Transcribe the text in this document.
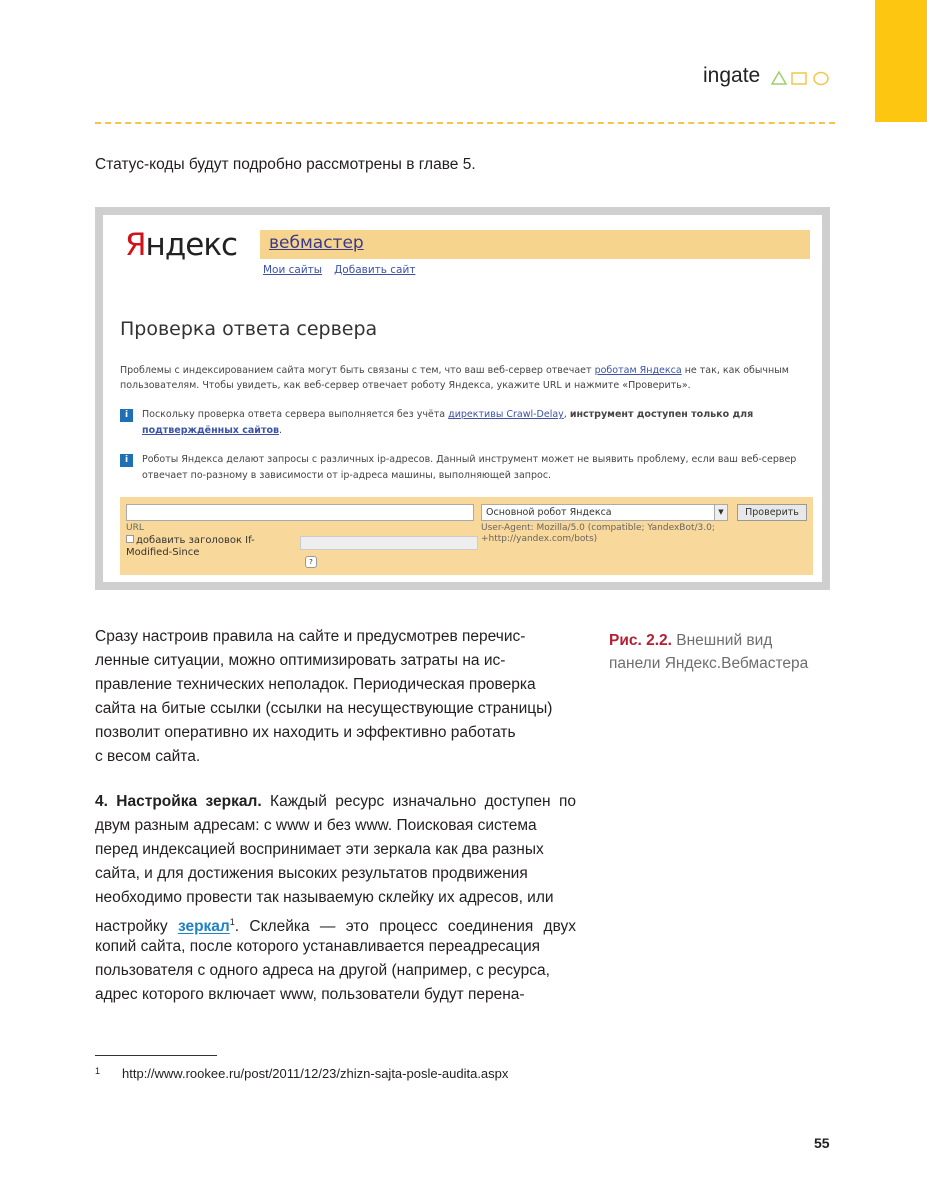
ingate
Статус-коды будут подробно рассмотрены в главе 5.
Яндекс вебмастер
Мои сайты Добавить сайт
Проверка ответа сервера
Проблемы с индексированием сайта могут быть связаны с тем, что ваш веб-сервер отвечает роботам Яндекса не так, как обычным пользователям. Чтобы увидеть, как веб-сервер отвечает роботу Яндекса, укажите URL и нажмите «Проверить».
i	Поскольку проверка ответа сервера выполняется без учёта директивы Crawl-Delay, инструмент доступен только для подтверждённых сайтов.
i	Роботы Яндекса делают запросы с различных ip-адресов. Данный инструмент может не выявить проблему, если ваш веб-сервер отвечает по-разному в зависимости от ip-адреса машины, выполняющей запрос.
Основной робот Яндекса	▼	Проверить
URL	User-Agent: Mozilla/5.0 (compatible; YandexBot/3.0; +http://yandex.com/bots)
добавить заголовок If-Modified-Since
?
Сразу настроив правила на сайте и предусмотрев перечис-
ленные ситуации, можно оптимизировать затраты на ис-
правление технических неполадок. Периодическая проверка
сайта на битые ссылки (ссылки на несуществующие страницы)
позволит оперативно их находить и эффективно работать
с весом сайта.
4. Настройка зеркал. Каждый ресурс изначально доступен по
двум разным адресам: с www и без www. Поисковая система
перед индексацией воспринимает эти зеркала как два разных
сайта, и для достижения высоких результатов продвижения
необходимо провести так называемую склейку их адресов, или
настройку зеркал$^1$. Склейка — это процесс соединения двух
копий сайта, после которого устанавливается переадресация
пользователя с одного адреса на другой (например, с ресурса,
адрес которого включает www, пользователи будут перена-
Рис. 2.2. Внешний вид
панели Яндекс.Вебмастера
$^1$ http://www.rookee.ru/post/2011/12/23/zhizn-sajta-posle-audita.aspx
55
